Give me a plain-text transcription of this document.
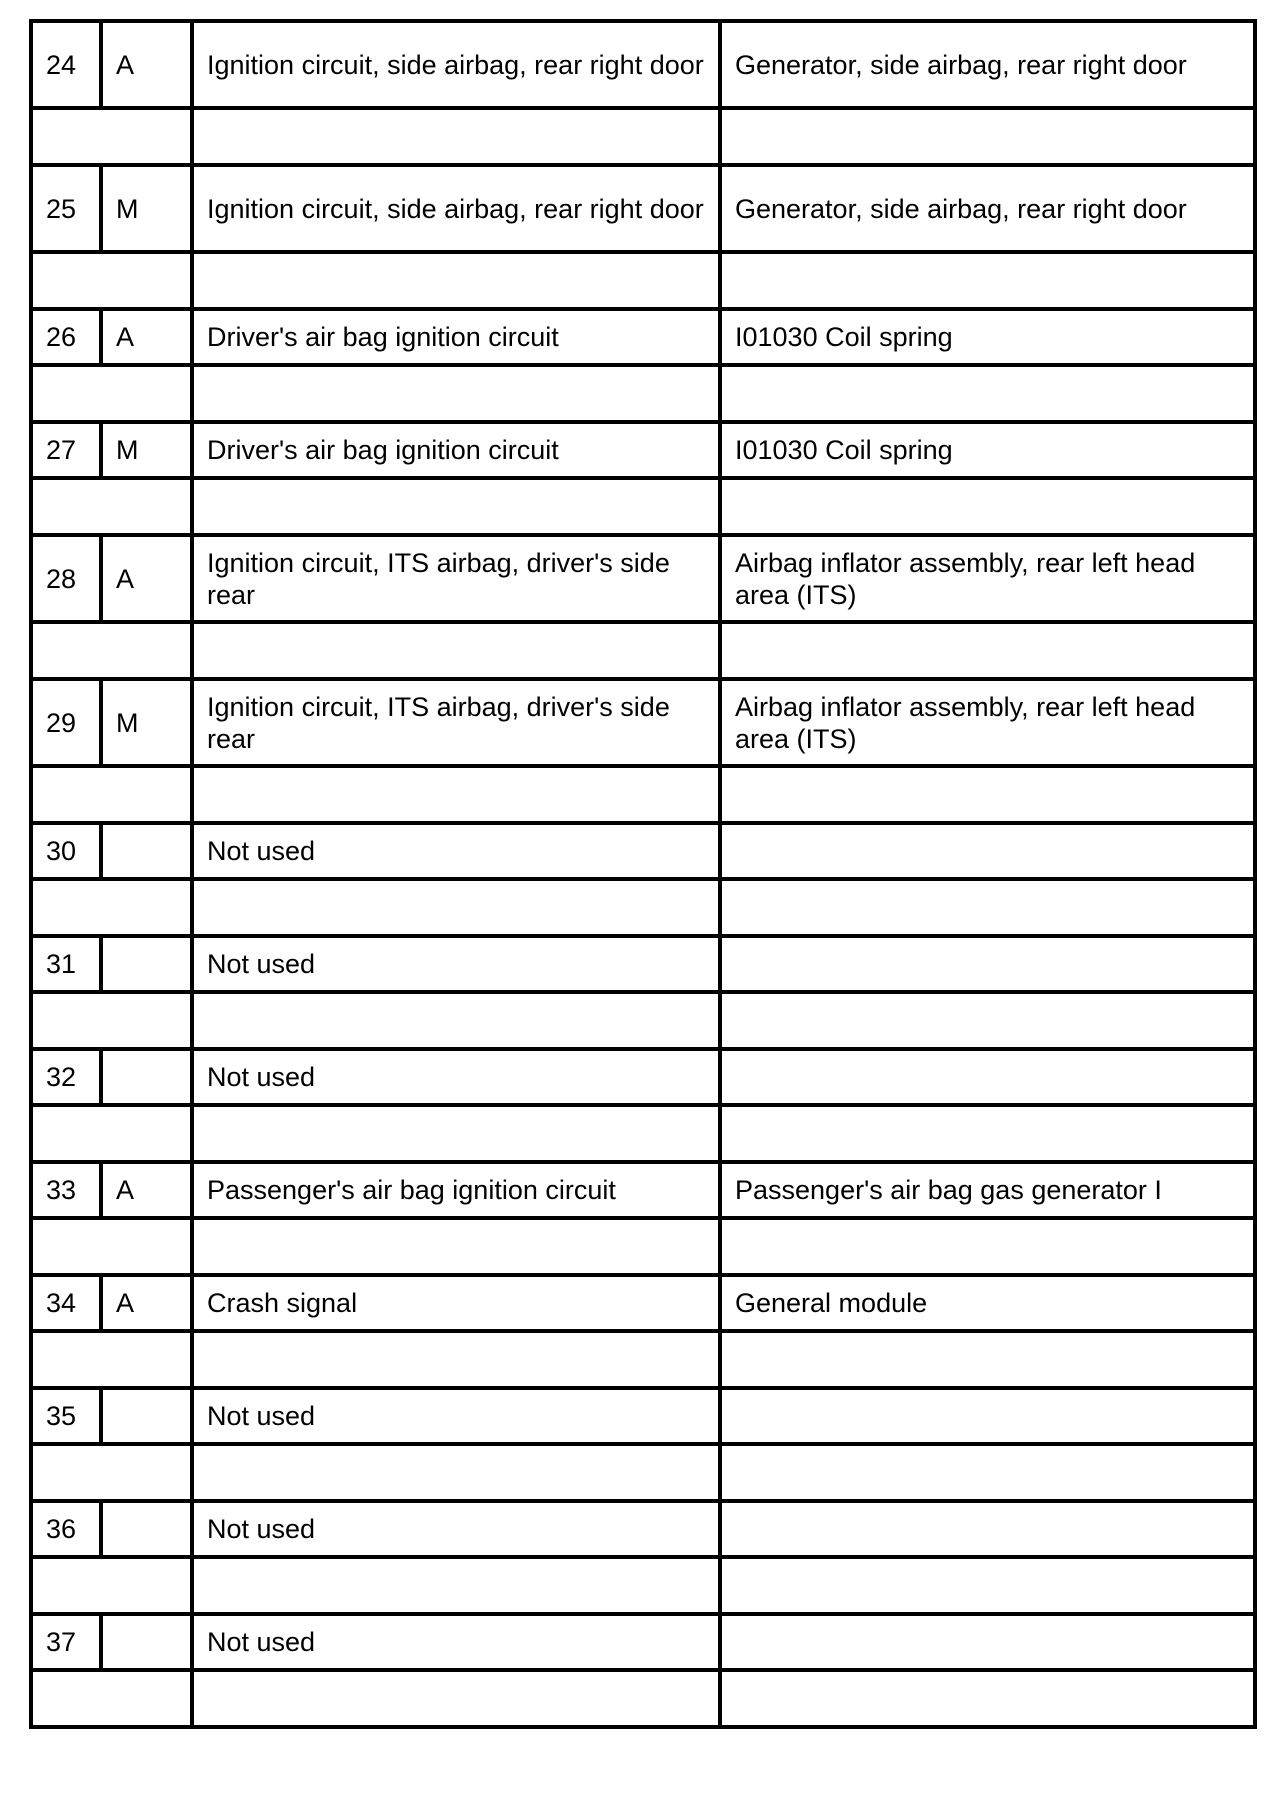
24	A	Ignition circuit, side airbag, rear right door	Generator, side airbag, rear right door

25	M	Ignition circuit, side airbag, rear right door	Generator, side airbag, rear right door

26	A	Driver's air bag ignition circuit	I01030 Coil spring

27	M	Driver's air bag ignition circuit	I01030 Coil spring

28	A	Ignition circuit, ITS airbag, driver's side rear	Airbag inflator assembly, rear left head area (ITS)

29	M	Ignition circuit, ITS airbag, driver's side rear	Airbag inflator assembly, rear left head area (ITS)

30		Not used	

31		Not used	

32		Not used	

33	A	Passenger's air bag ignition circuit	Passenger's air bag gas generator I

34	A	Crash signal	General module

35		Not used	

36		Not used	

37		Not used	
